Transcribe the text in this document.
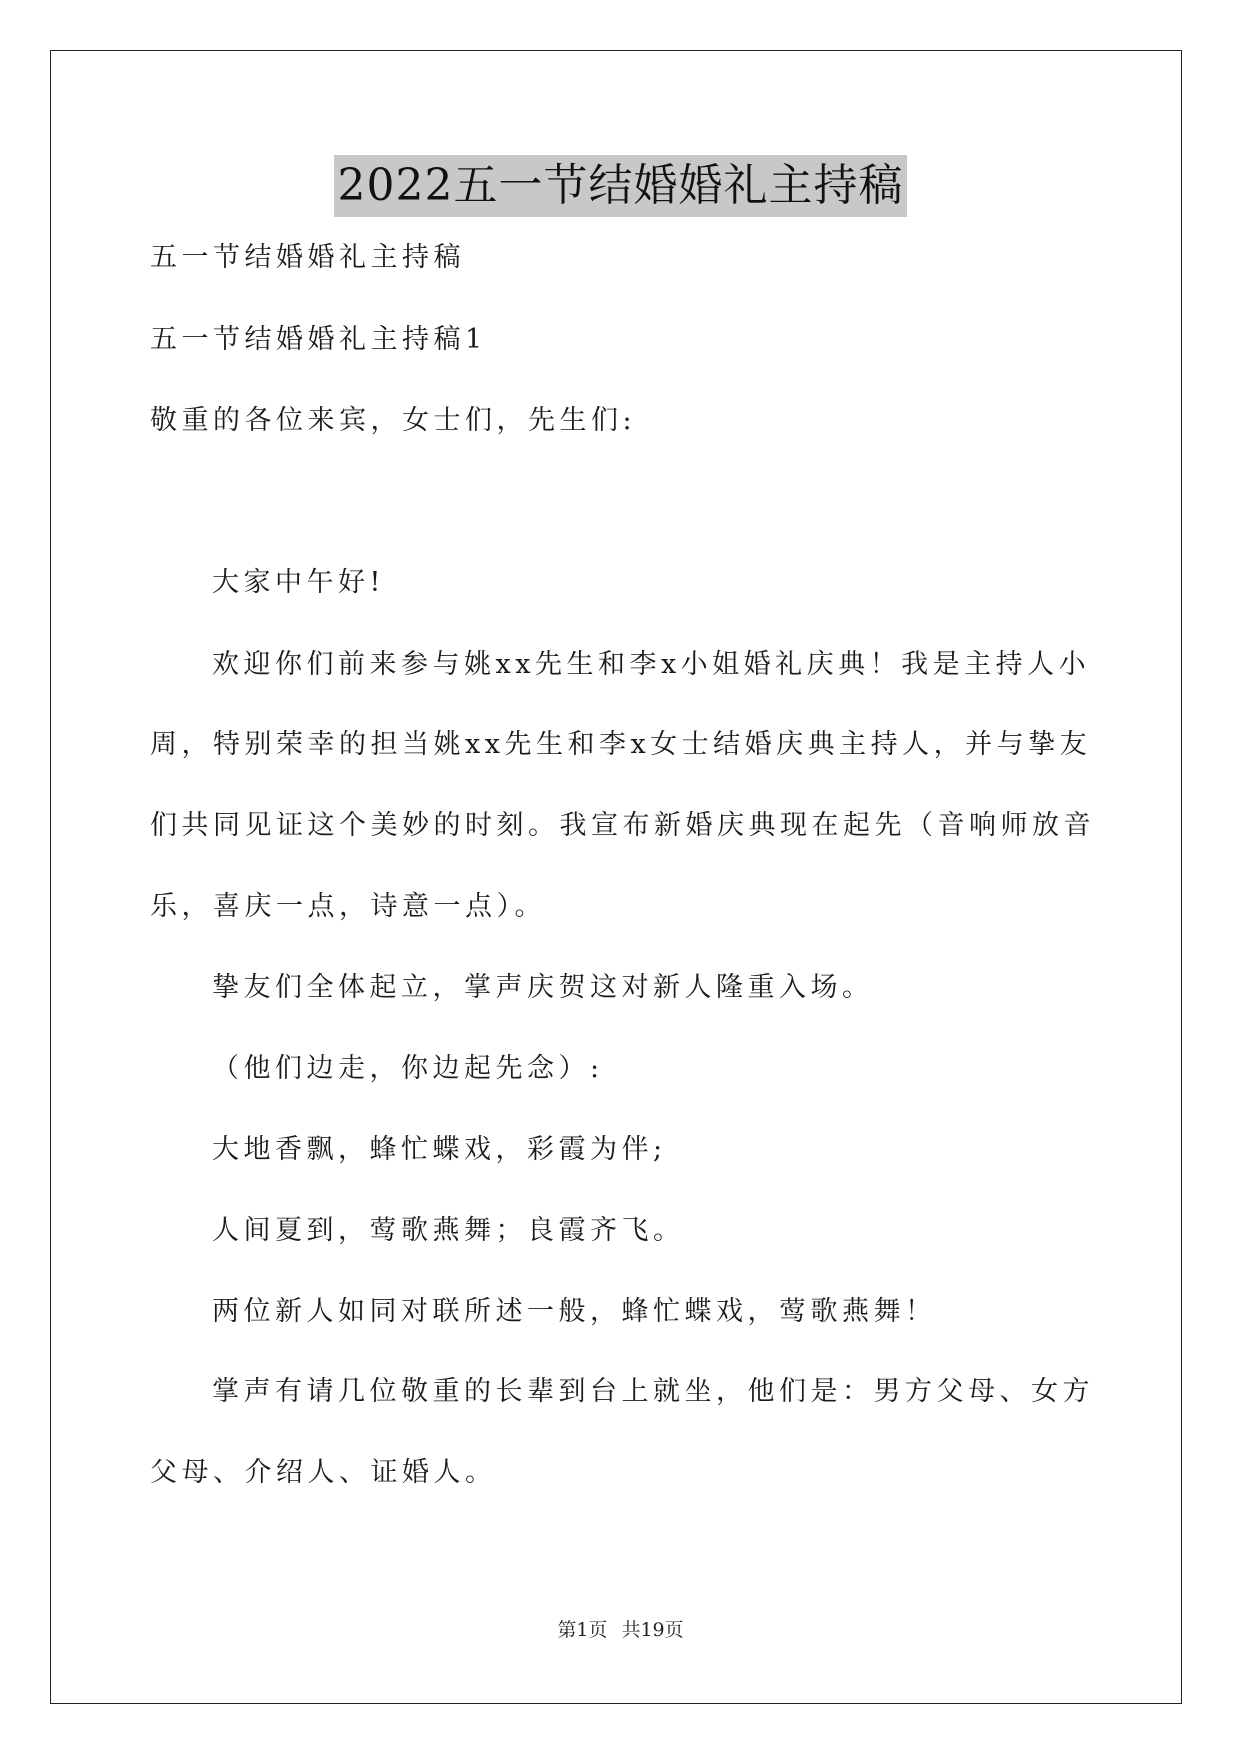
2022五一节结婚婚礼主持稿
五一节结婚婚礼主持稿
五一节结婚婚礼主持稿1
敬重的各位来宾，女士们，先生们:
大家中午好!
欢迎你们前来参与姚xx先生和李x小姐婚礼庆典！我是主持人小
周，特别荣幸的担当姚xx先生和李x女士结婚庆典主持人，并与挚友
们共同见证这个美妙的时刻。我宣布新婚庆典现在起先（音响师放音
乐，喜庆一点，诗意一点）。
挚友们全体起立，掌声庆贺这对新人隆重入场。
（他们边走，你边起先念）:
大地香飘，蜂忙蝶戏，彩霞为伴;
人间夏到，莺歌燕舞；良霞齐飞。
两位新人如同对联所述一般，蜂忙蝶戏，莺歌燕舞！
掌声有请几位敬重的长辈到台上就坐，他们是：男方父母、女方
父母、介绍人、证婚人。
第1页 共19页
